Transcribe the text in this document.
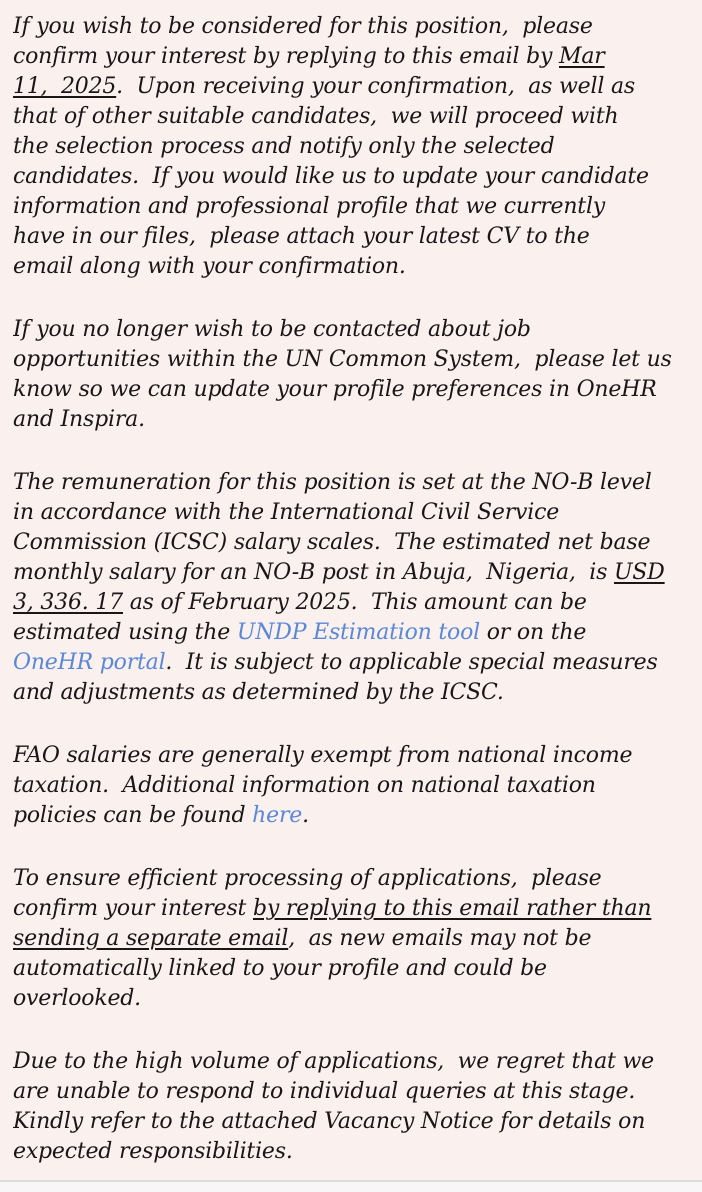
If you wish to be considered for this position,  please
confirm your interest by replying to this email by Mar
11,  2025.  Upon receiving your confirmation,  as well as
that of other suitable candidates,  we will proceed with
the selection process and notify only the selected
candidates.  If you would like us to update your candidate
information and professional profile that we currently
have in our files,  please attach your latest CV to the
email along with your confirmation.
If you no longer wish to be contacted about job
opportunities within the UN Common System,  please let us
know so we can update your profile preferences in OneHR
and Inspira.
The remuneration for this position is set at the NO-B level
in accordance with the International Civil Service
Commission (ICSC) salary scales.  The estimated net base
monthly salary for an NO-B post in Abuja,  Nigeria,  is USD
3, 336. 17 as of February 2025.  This amount can be
estimated using the UNDP Estimation tool or on the
OneHR portal.  It is subject to applicable special measures
and adjustments as determined by the ICSC.
FAO salaries are generally exempt from national income
taxation.  Additional information on national taxation
policies can be found here.
To ensure efficient processing of applications,  please
confirm your interest by replying to this email rather than
sending a separate email,  as new emails may not be
automatically linked to your profile and could be
overlooked.
Due to the high volume of applications,  we regret that we
are unable to respond to individual queries at this stage.
Kindly refer to the attached Vacancy Notice for details on
expected responsibilities.
